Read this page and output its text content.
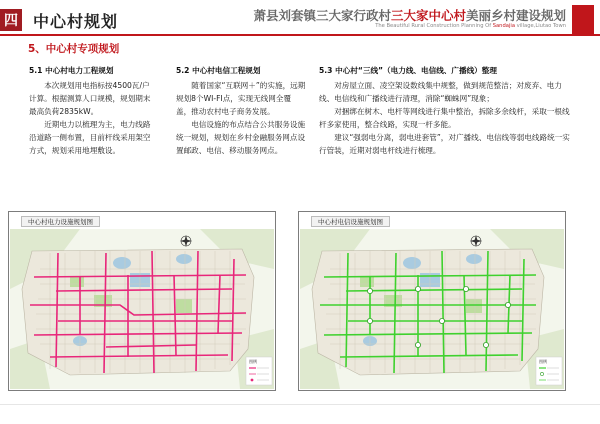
四 中心村规划	萧县刘套镇三大家行政村三大家中心村美丽乡村建设规划
The Beautiful Rural Construction Planning Of Sandajia village,Liutao Town
5、中心村专项规划
5.1 中心村电力工程规划

本次规划用电指标按4500瓦/户计算。根据测算人口规模，规划期末最高负荷2835kW。

近期电力以梳理为主，电力线路沿道路一侧布置，目前杆线采用架空方式，规划采用地埋敷设。

5.2 中心村电信工程规划

随着国家“互联网＋”的实施，远期规划8个WI-FI点，实现无线网全覆盖，推动农村电子商务发展。

电信设施的布点结合公共服务设施统一规划，规划在乡村金融服务网点设置邮政、电信、移动服务网点。

5.3 中心村“三线”（电力线、电信线、广播线）整理

对房屋立面、凌空架设数线集中规整，做到规范整洁；对废弃、电力线、电信线和广播线进行清理，消除“蜘蛛网”现象；

对捆绑在树木、电杆等网线进行集中整治，拆除多余线杆，采取一根线杆多家使用，整合线路，实现一杆多能。

建议“强弱电分离，弱电进套管”，对广播线、电信线等弱电线路统一实行管装，近期对弱电杆线进行梳理。

中心村电力设施规划图
图例
中心村电信设施规划图
图例
